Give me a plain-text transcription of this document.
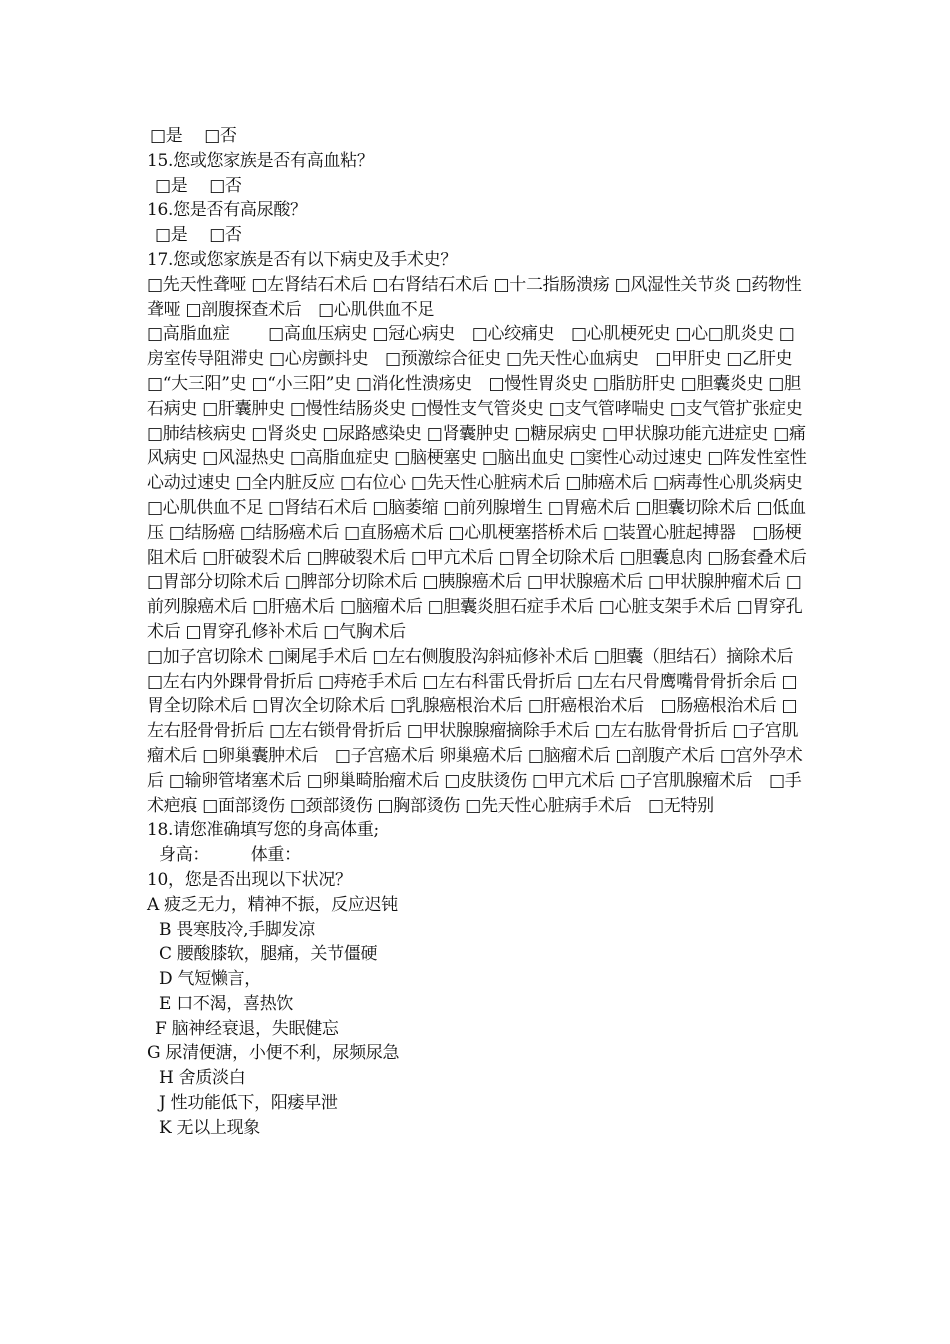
□是　 □否
15.您或您家族是否有高血粘？
□是　 □否
16.您是否有高尿酸？
□是　 □否
17.您或您家族是否有以下病史及手术史？
□先天性聋哑 □左肾结石术后 □右肾结石术后 □十二指肠溃疡 □风湿性关节炎 □药物性聋哑 □剖腹探查术后　□心肌供血不足
□高脂血症　　 □高血压病史 □冠心病史　□心绞痛史　□心肌梗死史 □心□肌炎史 □房室传导阻滞史 □心房颤抖史　□预激综合征史 □先天性心血病史　□甲肝史 □乙肝史 □“大三阳”史 □“小三阳”史 □消化性溃疡史　□慢性胃炎史 □脂肪肝史 □胆囊炎史 □胆石病史 □肝囊肿史 □慢性结肠炎史 □慢性支气管炎史 □支气管哮喘史 □支气管扩张症史 □肺结核病史 □肾炎史 □尿路感染史 □肾囊肿史 □糖尿病史 □甲状腺功能亢进症史 □痛风病史 □风湿热史 □高脂血症史 □脑梗塞史 □脑出血史 □窦性心动过速史 □阵发性室性心动过速史 □全内脏反应 □右位心 □先天性心脏病术后 □肺癌术后 □病毒性心肌炎病史 □心肌供血不足 □肾结石术后 □脑萎缩 □前列腺增生 □胃癌术后 □胆囊切除术后 □低血压 □结肠癌 □结肠癌术后 □直肠癌术后 □心肌梗塞搭桥术后 □装置心脏起搏器　□肠梗阻术后 □肝破裂术后 □脾破裂术后 □甲亢术后 □胃全切除术后 □胆囊息肉 □肠套叠术后 □胃部分切除术后 □脾部分切除术后 □胰腺癌术后 □甲状腺癌术后 □甲状腺肿瘤术后 □前列腺癌术后 □肝癌术后 □脑瘤术后 □胆囊炎胆石症手术后 □心脏支架手术后 □胃穿孔术后 □胃穿孔修补术后 □气胸术后
□加子宫切除术 □阑尾手术后 □左右侧腹股沟斜疝修补术后 □胆囊（胆结石）摘除术后 □左右内外踝骨骨折后 □痔疮手术后 □左右科雷氏骨折后 □左右尺骨鹰嘴骨骨折余后 □胃全切除术后 □胃次全切除术后 □乳腺癌根治术后 □肝癌根治术后　□肠癌根治术后 □左右胫骨骨折后 □左右锁骨骨折后 □甲状腺腺瘤摘除手术后 □左右肱骨骨折后 □子宫肌瘤术后 □卵巢囊肿术后　□子宫癌术后 卵巢癌术后 □脑瘤术后 □剖腹产术后 □宫外孕术后 □输卵管堵塞术后 □卵巢畸胎瘤术后 □皮肤烫伤 □甲亢术后 □子宫肌腺瘤术后　□手术疤痕 □面部烫伤 □颈部烫伤 □胸部烫伤 □先天性心脏病手术后　□无特别
18.请您准确填写您的身高体重;
身高：　　　体重：
10，您是否出现以下状况？
A 疲乏无力，精神不振，反应迟钝
B 畏寒肢冷,手脚发凉
C 腰酸膝软，腿痛，关节僵硬
D 气短懒言，
E 口不渴，喜热饮
F 脑神经衰退，失眠健忘
G 尿清便溏，小便不利，尿频尿急
H 舍质淡白
J 性功能低下，阳痿早泄
K 无以上现象
